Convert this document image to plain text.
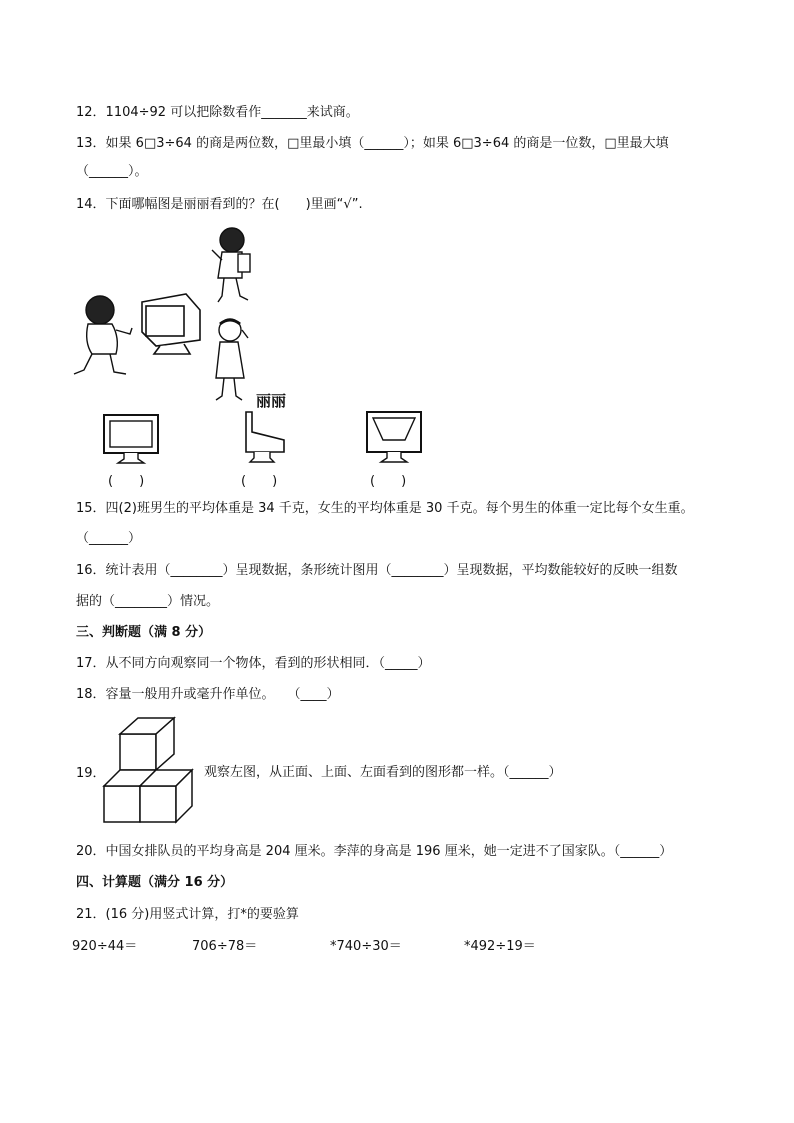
12．1104÷92 可以把除数看作_______来试商。
13．如果 6□3÷64 的商是两位数，□里最小填（______）；如果 6□3÷64 的商是一位数，□里最大填
（______）。
14．下面哪幅图是丽丽看到的？在(　　)里画“√”.
丽丽
(　　)	(　　)	(　　)
15．四(2)班男生的平均体重是 34 千克，女生的平均体重是 30 千克。每个男生的体重一定比每个女生重。
（______）
16．统计表用（________）呈现数据，条形统计图用（________）呈现数据，平均数能较好的反映一组数
据的（________）情况。
三、判断题（满 8 分）
17．从不同方向观察同一个物体，看到的形状相同．（_____）
18．容量一般用升或毫升作单位。　　（____）
19．	观察左图，从正面、上面、左面看到的图形都一样。（______）
20．中国女排队员的平均身高是 204 厘米。李萍的身高是 196 厘米，她一定进不了国家队。（______）
四、计算题（满分 16 分）
21．(16 分)用竖式计算，打*的要验算
920÷44＝	706÷78＝	*740÷30＝	*492÷19＝
